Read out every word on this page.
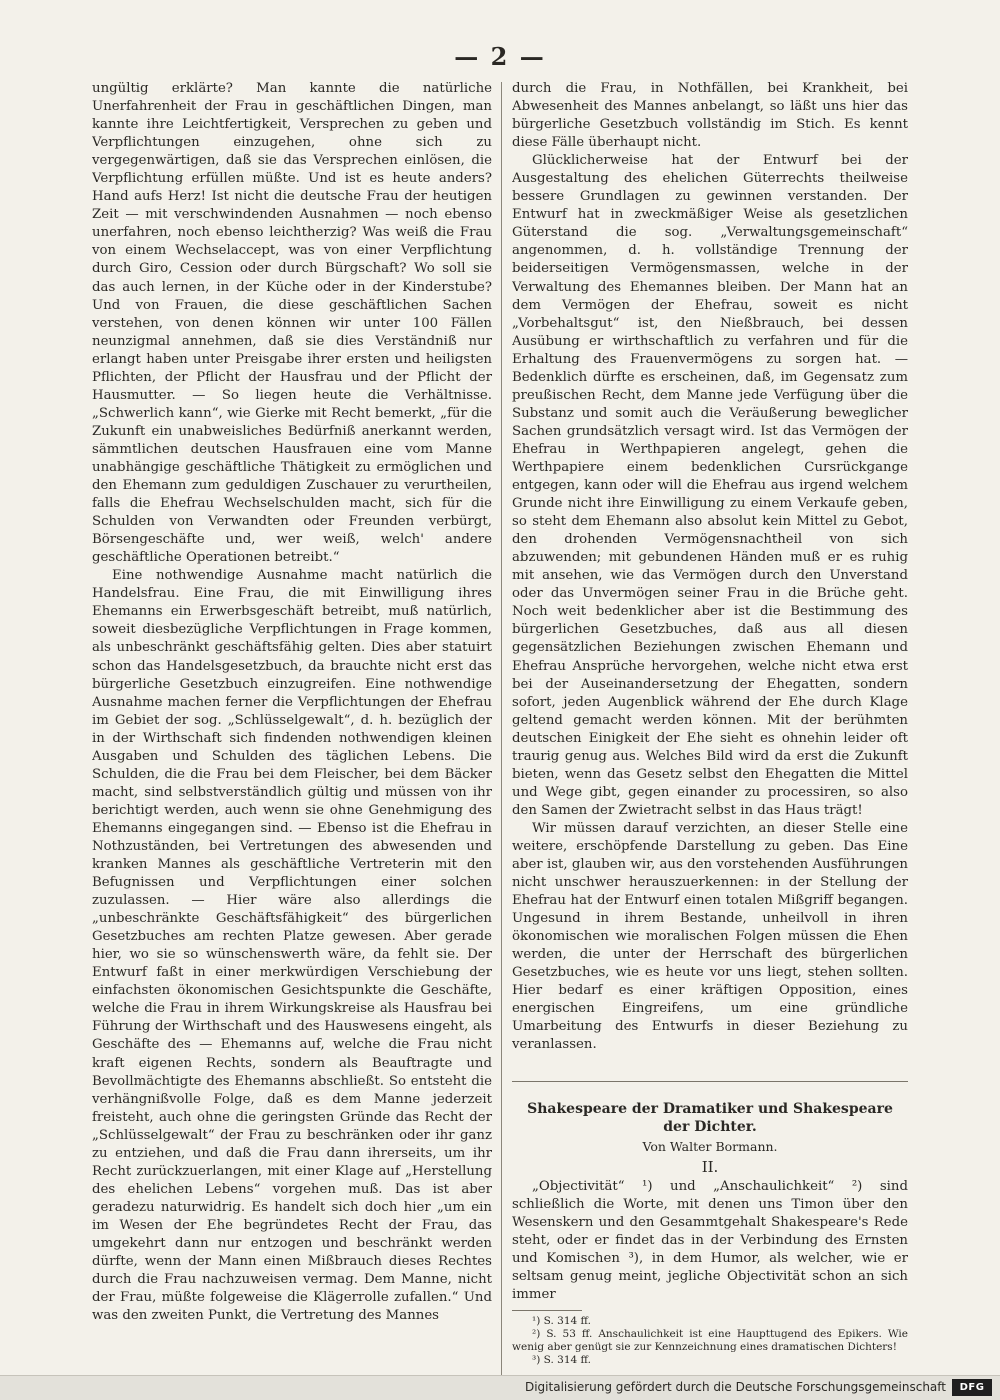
— 2 —

ungültig erklärte? Man kannte die natürliche Unerfahrenheit der Frau in geschäftlichen Dingen, man kannte ihre Leichtfertigkeit, Versprechen zu geben und Verpflichtungen einzugehen, ohne sich zu vergegenwärtigen, daß sie das Versprechen einlösen, die Verpflichtung erfüllen müßte. Und ist es heute anders? Hand aufs Herz! Ist nicht die deutsche Frau der heutigen Zeit — mit verschwindenden Ausnahmen — noch ebenso unerfahren, noch ebenso leichtherzig? Was weiß die Frau von einem Wechselaccept, was von einer Verpflichtung durch Giro, Cession oder durch Bürgschaft? Wo soll sie das auch lernen, in der Küche oder in der Kinderstube? Und von Frauen, die diese geschäftlichen Sachen verstehen, von denen können wir unter 100 Fällen neunzigmal annehmen, daß sie dies Verständniß nur erlangt haben unter Preisgabe ihrer ersten und heiligsten Pflichten, der Pflicht der Hausfrau und der Pflicht der Hausmutter. — So liegen heute die Verhältnisse. „Schwerlich kann“, wie Gierke mit Recht bemerkt, „für die Zukunft ein unabweisliches Bedürfniß anerkannt werden, sämmtlichen deutschen Hausfrauen eine vom Manne unabhängige geschäftliche Thätigkeit zu ermöglichen und den Ehemann zum geduldigen Zuschauer zu verurtheilen, falls die Ehefrau Wechselschulden macht, sich für die Schulden von Verwandten oder Freunden verbürgt, Börsengeschäfte und, wer weiß, welch' andere geschäftliche Operationen betreibt.“

Eine nothwendige Ausnahme macht natürlich die Handelsfrau. Eine Frau, die mit Einwilligung ihres Ehemanns ein Erwerbsgeschäft betreibt, muß natürlich, soweit diesbezügliche Verpflichtungen in Frage kommen, als unbeschränkt geschäftsfähig gelten. Dies aber statuirt schon das Handelsgesetzbuch, da brauchte nicht erst das bürgerliche Gesetzbuch einzugreifen. Eine nothwendige Ausnahme machen ferner die Verpflichtungen der Ehefrau im Gebiet der sog. „Schlüsselgewalt“, d. h. bezüglich der in der Wirthschaft sich findenden nothwendigen kleinen Ausgaben und Schulden des täglichen Lebens. Die Schulden, die die Frau bei dem Fleischer, bei dem Bäcker macht, sind selbstverständlich gültig und müssen von ihr berichtigt werden, auch wenn sie ohne Genehmigung des Ehemanns eingegangen sind. — Ebenso ist die Ehefrau in Nothzuständen, bei Vertretungen des abwesenden und kranken Mannes als geschäftliche Vertreterin mit den Befugnissen und Verpflichtungen einer solchen zuzulassen. — Hier wäre also allerdings die „unbeschränkte Geschäftsfähigkeit“ des bürgerlichen Gesetzbuches am rechten Platze gewesen. Aber gerade hier, wo sie so wünschenswerth wäre, da fehlt sie. Der Entwurf faßt in einer merkwürdigen Verschiebung der einfachsten ökonomischen Gesichtspunkte die Geschäfte, welche die Frau in ihrem Wirkungskreise als Hausfrau bei Führung der Wirthschaft und des Hauswesens eingeht, als Geschäfte des — Ehemanns auf, welche die Frau nicht kraft eigenen Rechts, sondern als Beauftragte und Bevollmächtigte des Ehemanns abschließt. So entsteht die verhängnißvolle Folge, daß es dem Manne jederzeit freisteht, auch ohne die geringsten Gründe das Recht der „Schlüsselgewalt“ der Frau zu beschränken oder ihr ganz zu entziehen, und daß die Frau dann ihrerseits, um ihr Recht zurückzuerlangen, mit einer Klage auf „Herstellung des ehelichen Lebens“ vorgehen muß. Das ist aber geradezu naturwidrig. Es handelt sich doch hier „um ein im Wesen der Ehe begründetes Recht der Frau, das umgekehrt dann nur entzogen und beschränkt werden dürfte, wenn der Mann einen Mißbrauch dieses Rechtes durch die Frau nachzuweisen vermag. Dem Manne, nicht der Frau, müßte folgeweise die Klägerrolle zufallen.“ Und was den zweiten Punkt, die Vertretung des Mannes

durch die Frau, in Nothfällen, bei Krankheit, bei Abwesenheit des Mannes anbelangt, so läßt uns hier das bürgerliche Gesetzbuch vollständig im Stich. Es kennt diese Fälle überhaupt nicht.

Glücklicherweise hat der Entwurf bei der Ausgestaltung des ehelichen Güterrechts theilweise bessere Grundlagen zu gewinnen verstanden. Der Entwurf hat in zweckmäßiger Weise als gesetzlichen Güterstand die sog. „Verwaltungsgemeinschaft“ angenommen, d. h. vollständige Trennung der beiderseitigen Vermögensmassen, welche in der Verwaltung des Ehemannes bleiben. Der Mann hat an dem Vermögen der Ehefrau, soweit es nicht „Vorbehaltsgut“ ist, den Nießbrauch, bei dessen Ausübung er wirthschaftlich zu verfahren und für die Erhaltung des Frauenvermögens zu sorgen hat. — Bedenklich dürfte es erscheinen, daß, im Gegensatz zum preußischen Recht, dem Manne jede Verfügung über die Substanz und somit auch die Veräußerung beweglicher Sachen grundsätzlich versagt wird. Ist das Vermögen der Ehefrau in Werthpapieren angelegt, gehen die Werthpapiere einem bedenklichen Cursrückgange entgegen, kann oder will die Ehefrau aus irgend welchem Grunde nicht ihre Einwilligung zu einem Verkaufe geben, so steht dem Ehemann also absolut kein Mittel zu Gebot, den drohenden Vermögensnachtheil von sich abzuwenden; mit gebundenen Händen muß er es ruhig mit ansehen, wie das Vermögen durch den Unverstand oder das Unvermögen seiner Frau in die Brüche geht. Noch weit bedenklicher aber ist die Bestimmung des bürgerlichen Gesetzbuches, daß aus all diesen gegensätzlichen Beziehungen zwischen Ehemann und Ehefrau Ansprüche hervorgehen, welche nicht etwa erst bei der Auseinandersetzung der Ehegatten, sondern sofort, jeden Augenblick während der Ehe durch Klage geltend gemacht werden können. Mit der berühmten deutschen Einigkeit der Ehe sieht es ohnehin leider oft traurig genug aus. Welches Bild wird da erst die Zukunft bieten, wenn das Gesetz selbst den Ehegatten die Mittel und Wege gibt, gegen einander zu processiren, so also den Samen der Zwietracht selbst in das Haus trägt!

Wir müssen darauf verzichten, an dieser Stelle eine weitere, erschöpfende Darstellung zu geben. Das Eine aber ist, glauben wir, aus den vorstehenden Ausführungen nicht unschwer herauszuerkennen: in der Stellung der Ehefrau hat der Entwurf einen totalen Mißgriff begangen. Ungesund in ihrem Bestande, unheilvoll in ihren ökonomischen wie moralischen Folgen müssen die Ehen werden, die unter der Herrschaft des bürgerlichen Gesetzbuches, wie es heute vor uns liegt, stehen sollten. Hier bedarf es einer kräftigen Opposition, eines energischen Eingreifens, um eine gründliche Umarbeitung des Entwurfs in dieser Beziehung zu veranlassen.

Shakespeare der Dramatiker und Shakespeare der Dichter.
Von Walter Bormann.
II.

„Objectivität“ ¹) und „Anschaulichkeit“ ²) sind schließlich die Worte, mit denen uns Timon über den Wesenskern und den Gesammtgehalt Shakespeare's Rede steht, oder er findet das in der Verbindung des Ernsten und Komischen ³), in dem Humor, als welcher, wie er seltsam genug meint, jegliche Objectivität schon an sich immer

¹) S. 314 ff.

²) S. 53 ff. Anschaulichkeit ist eine Haupttugend des Epikers. Wie wenig aber genügt sie zur Kennzeichnung eines dramatischen Dichters!

³) S. 314 ff.

Digitalisierung gefördert durch die Deutsche Forschungsgemeinschaft	DFG
